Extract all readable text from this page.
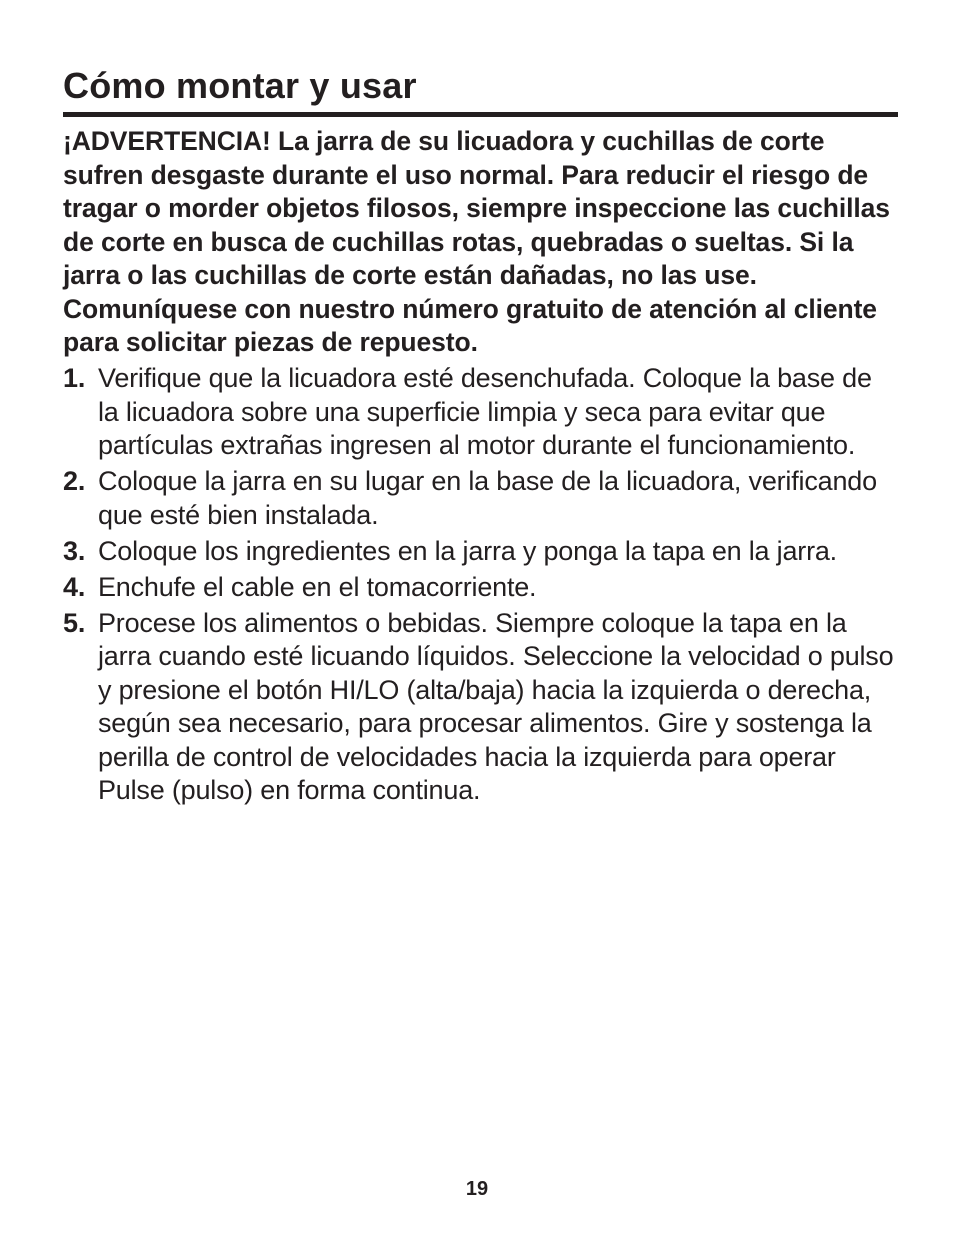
Cómo montar y usar

¡ADVERTENCIA! La jarra de su licuadora y cuchillas de corte sufren desgaste durante el uso normal. Para reducir el riesgo de tragar o morder objetos filosos, siempre inspeccione las cuchillas de corte en busca de cuchillas rotas, quebradas o sueltas. Si la jarra o las cuchillas de corte están dañadas, no las use. Comuníquese con nuestro número gratuito de atención al cliente para solicitar piezas de repuesto.

1. Verifique que la licuadora esté desenchufada. Coloque la base de la licuadora sobre una superficie limpia y seca para evitar que partículas extrañas ingresen al motor durante el funcionamiento.
2. Coloque la jarra en su lugar en la base de la licuadora, verificando que esté bien instalada.
3. Coloque los ingredientes en la jarra y ponga la tapa en la jarra.
4. Enchufe el cable en el tomacorriente.
5. Procese los alimentos o bebidas. Siempre coloque la tapa en la jarra cuando esté licuando líquidos. Seleccione la velocidad o pulso y presione el botón HI/LO (alta/baja) hacia la izquierda o derecha, según sea necesario, para procesar alimentos. Gire y sostenga la perilla de control de velocidades hacia la izquierda para operar Pulse (pulso) en forma continua.
19
